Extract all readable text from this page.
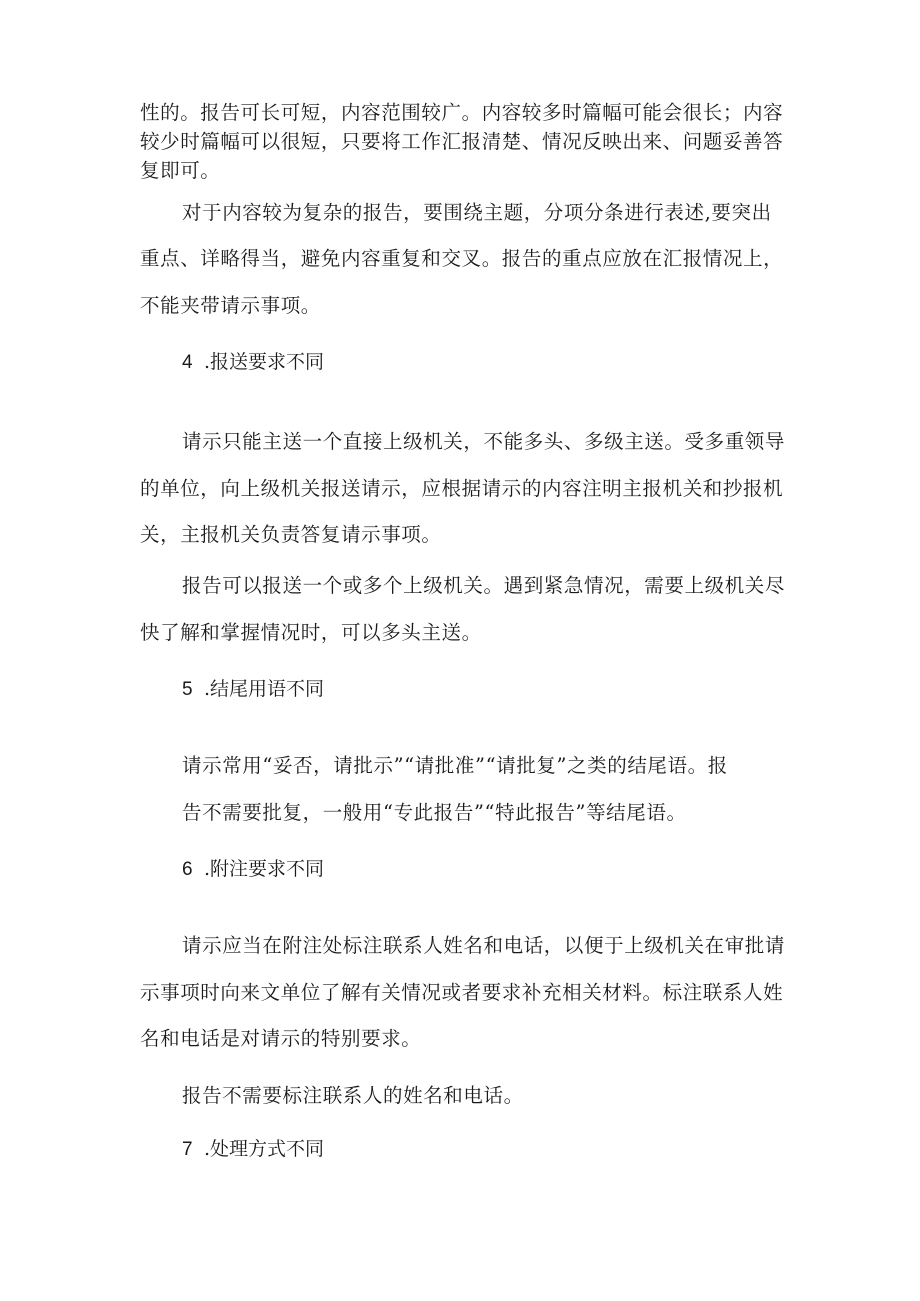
性的。报告可长可短，内容范围较广。内容较多时篇幅可能会很长；内容
较少时篇幅可以很短，只要将工作汇报清楚、情况反映出来、问题妥善答
复即可。
对于内容较为复杂的报告，要围绕主题，分项分条进行表述,要突出
重点、详略得当，避免内容重复和交叉。报告的重点应放在汇报情况上，
不能夹带请示事项。
4 .报送要求不同
请示只能主送一个直接上级机关，不能多头、多级主送。受多重领导
的单位，向上级机关报送请示，应根据请示的内容注明主报机关和抄报机
关，主报机关负责答复请示事项。
报告可以报送一个或多个上级机关。遇到紧急情况，需要上级机关尽
快了解和掌握情况时，可以多头主送。
5 .结尾用语不同
请示常用“妥否，请批示”“请批准”“请批复”之类的结尾语。报
告不需要批复，一般用“专此报告”“特此报告”等结尾语。
6 .附注要求不同
请示应当在附注处标注联系人姓名和电话，以便于上级机关在审批请
示事项时向来文单位了解有关情况或者要求补充相关材料。标注联系人姓
名和电话是对请示的特别要求。
报告不需要标注联系人的姓名和电话。
7 .处理方式不同
